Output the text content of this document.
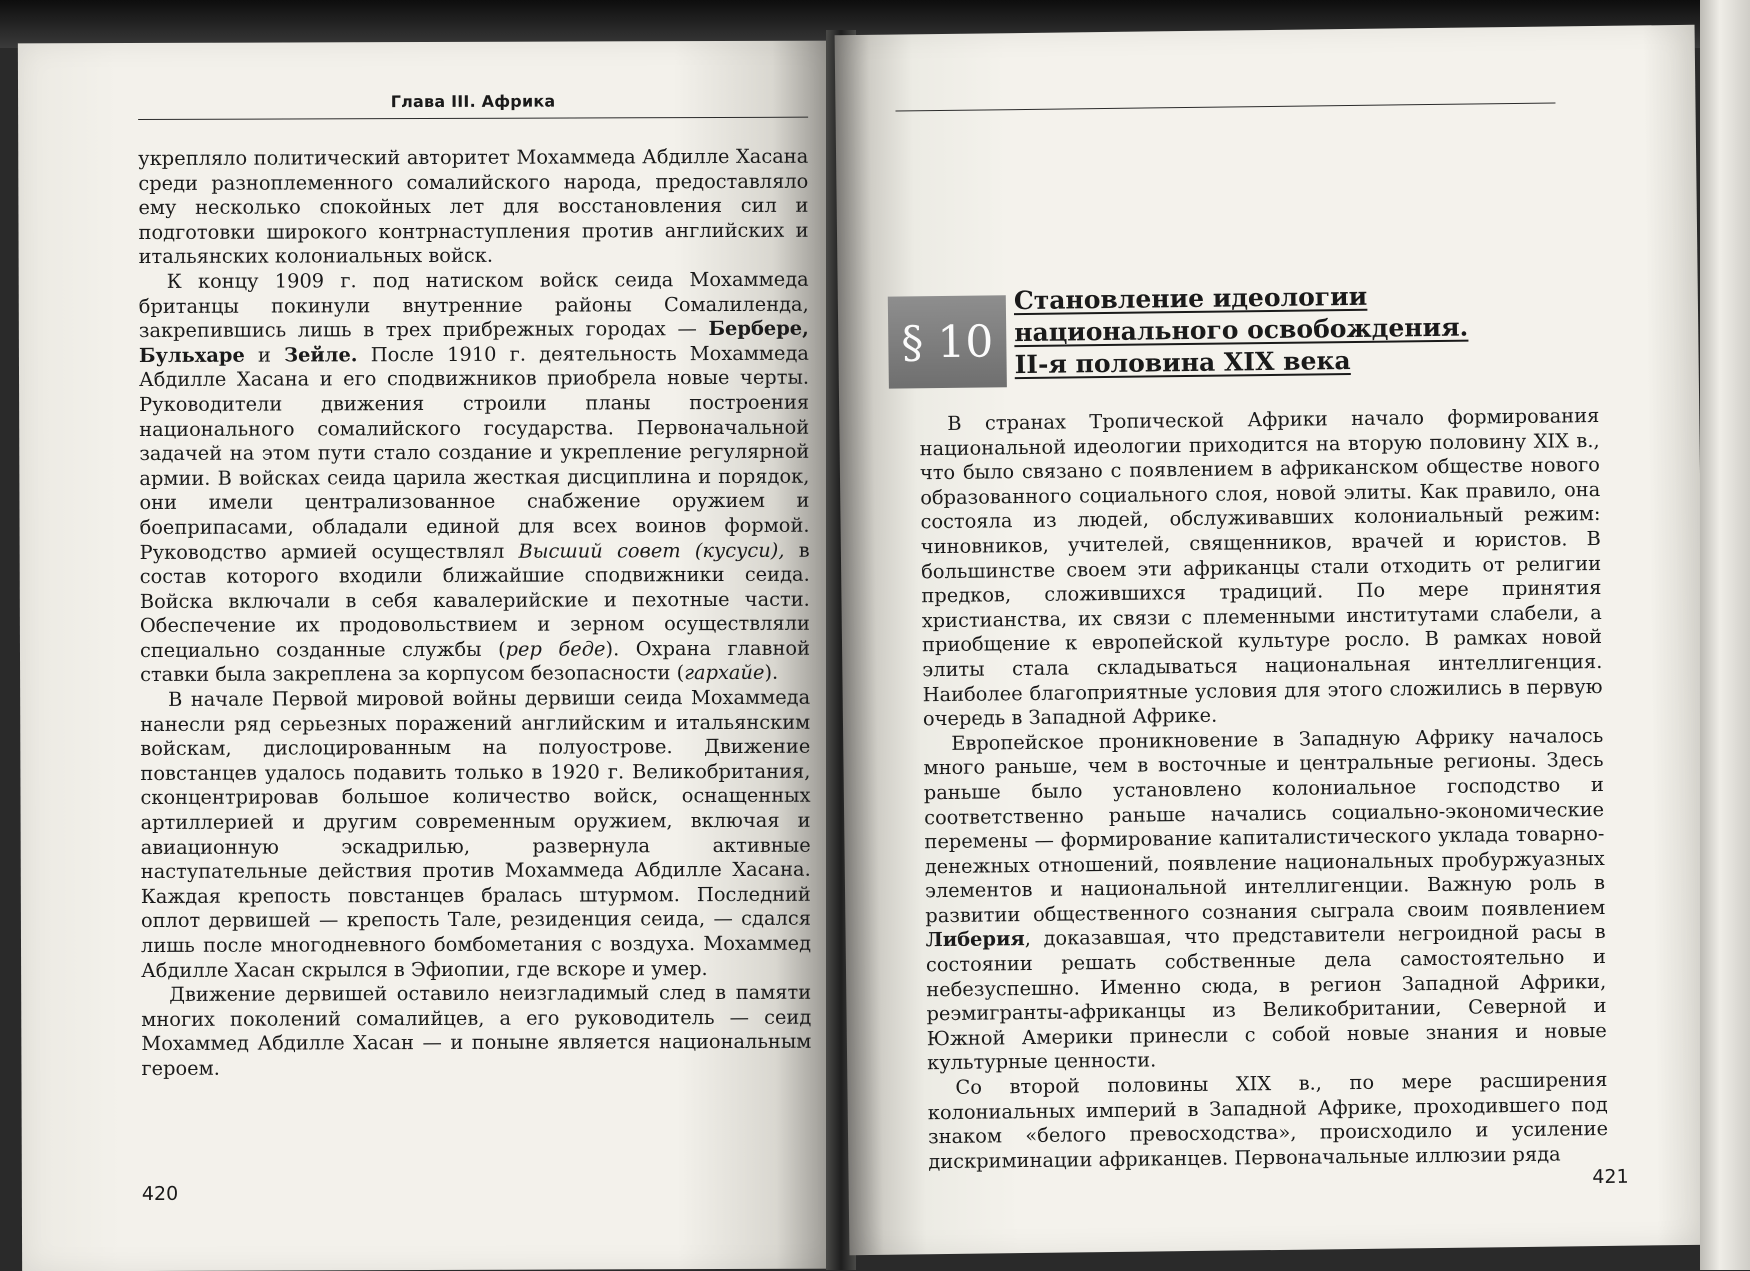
Глава III. Африка

укрепляло политический авторитет Мохаммеда Абдилле Хасана среди разноплеменного сомалийского народа, предоставляло ему несколько спокойных лет для восстановления сил и подготовки широкого контрнаступления против английских и итальянских колониальных войск.

К концу 1909 г. под натиском войск сеида Мохаммеда британцы покинули внутренние районы Сомалиленда, закрепившись лишь в трех прибрежных городах — Бербере, Бульхаре и Зейле. После 1910 г. деятельность Мохаммеда Абдилле Хасана и его сподвижников приобрела новые черты. Руководители движения строили планы построения национального сомалийского государства. Первоначальной задачей на этом пути стало создание и укрепление регулярной армии. В войсках сеида царила жесткая дисциплина и порядок, они имели централизованное снабжение оружием и боеприпасами, обладали единой для всех воинов формой. Руководство армией осуществлял Высший совет (кусуси), в состав которого входили ближайшие сподвижники сеида. Войска включали в себя кавалерийские и пехотные части. Обеспечение их продовольствием и зерном осуществляли специально созданные службы (рер беде). Охрана главной ставки была закреплена за корпусом безопасности (гархайе).

В начале Первой мировой войны дервиши сеида Мохаммеда нанесли ряд серьезных поражений английским и итальянским войскам, дислоцированным на полуострове. Движение повстанцев удалось подавить только в 1920 г. Великобритания, сконцентрировав большое количество войск, оснащенных артиллерией и другим современным оружием, включая и авиационную эскадрилью, развернула активные наступательные действия против Мохаммеда Абдилле Хасана. Каждая крепость повстанцев бралась штурмом. Последний оплот дервишей — крепость Тале, резиденция сеида, — сдался лишь после многодневного бомбометания с воздуха. Мохаммед Абдилле Хасан скрылся в Эфиопии, где вскоре и умер.

Движение дервишей оставило неизгладимый след в памяти многих поколений сомалийцев, а его руководитель — сеид Мохаммед Абдилле Хасан — и поныне является национальным героем.

420
§ 10
Становление идеологии
национального освобождения.
II-я половина XIX века

В странах Тропической Африки начало формирования национальной идеологии приходится на вторую половину XIX в., что было связано с появлением в африканском обществе нового образованного социального слоя, новой элиты. Как правило, она состояла из людей, обслуживавших колониальный режим: чиновников, учителей, священников, врачей и юристов. В большинстве своем эти африканцы стали отходить от религии предков, сложившихся традиций. По мере принятия христианства, их связи с племенными институтами слабели, а приобщение к европейской культуре росло. В рамках новой элиты стала складываться национальная интеллигенция. Наиболее благоприятные условия для этого сложились в первую очередь в Западной Африке.

Европейское проникновение в Западную Африку началось много раньше, чем в восточные и центральные регионы. Здесь раньше было установлено колониальное господство и соответственно раньше начались социально-экономические перемены — формирование капиталистического уклада товарно-денежных отношений, появление национальных пробуржуазных элементов и национальной интеллигенции. Важную роль в развитии общественного сознания сыграла своим появлением Либерия, доказавшая, что представители негроидной расы в состоянии решать собственные дела самостоятельно и небезуспешно. Именно сюда, в регион Западной Африки, реэмигранты-африканцы из Великобритании, Северной и Южной Америки принесли с собой новые знания и новые культурные ценности.

Со второй половины XIX в., по мере расширения колониальных империй в Западной Африке, проходившего под знаком «белого превосходства», происходило и усиление дискриминации африканцев. Первоначальные иллюзии ряда

421
